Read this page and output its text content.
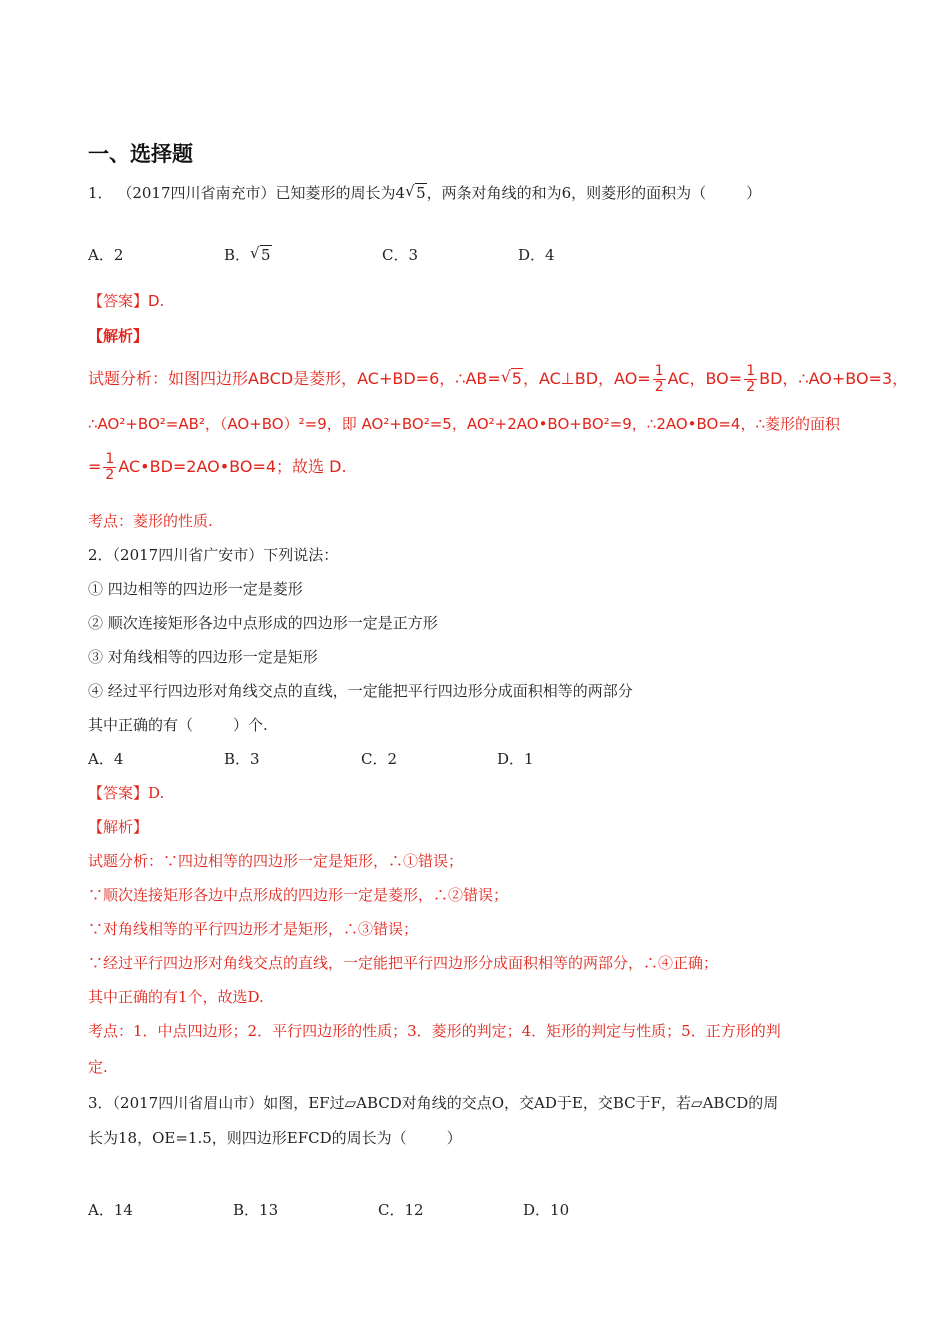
一、选择题
1． （2017四川省南充市）已知菱形的周长为4 √ 5，两条对角线的和为6，则菱形的面积为（	）
A．2	B． √ 5	C．3	D．4
【答案】D.
【解析】
试题分析：如图四边形ABCD是菱形，AC+BD=6，∴AB= √ 5，AC⊥BD，$AO= \frac{1}{2}$ AC，$BO= \frac{1}{2}$ BD，∴AO+BO=3，
∴AO²+BO²=AB²，（AO+BO）²=9，即 AO²+BO²=5，AO²+2AO•BO+BO²=9，∴2AO•BO=4，∴菱形的面积
= $\frac{1}{2}$ AC•BD=2AO•BO=4；故选 D.
考点：菱形的性质.
2．（2017四川省广安市）下列说法：
① 四边相等的四边形一定是菱形
② 顺次连接矩形各边中点形成的四边形一定是正方形
③ 对角线相等的四边形一定是矩形
④ 经过平行四边形对角线交点的直线，一定能把平行四边形分成面积相等的两部分
其中正确的有（	）个.
A．4	B．3	C．2	D．1
【答案】D.
【解析】
试题分析：∵四边相等的四边形一定是矩形，∴①错误；
∵顺次连接矩形各边中点形成的四边形一定是菱形，∴②错误；
∵对角线相等的平行四边形才是矩形，∴③错误；
∵经过平行四边形对角线交点的直线，一定能把平行四边形分成面积相等的两部分，∴④正确；
其中正确的有1个，故选D.
考点：1．中点四边形；2．平行四边形的性质；3．菱形的判定；4．矩形的判定与性质；5．正方形的判
定.
3．（2017四川省眉山市）如图，EF过▱ABCD对角线的交点O，交AD于E，交BC于F，若▱ABCD的周
长为18，OE=1.5，则四边形EFCD的周长为（	）
A．14	B．13	C．12	D．10
